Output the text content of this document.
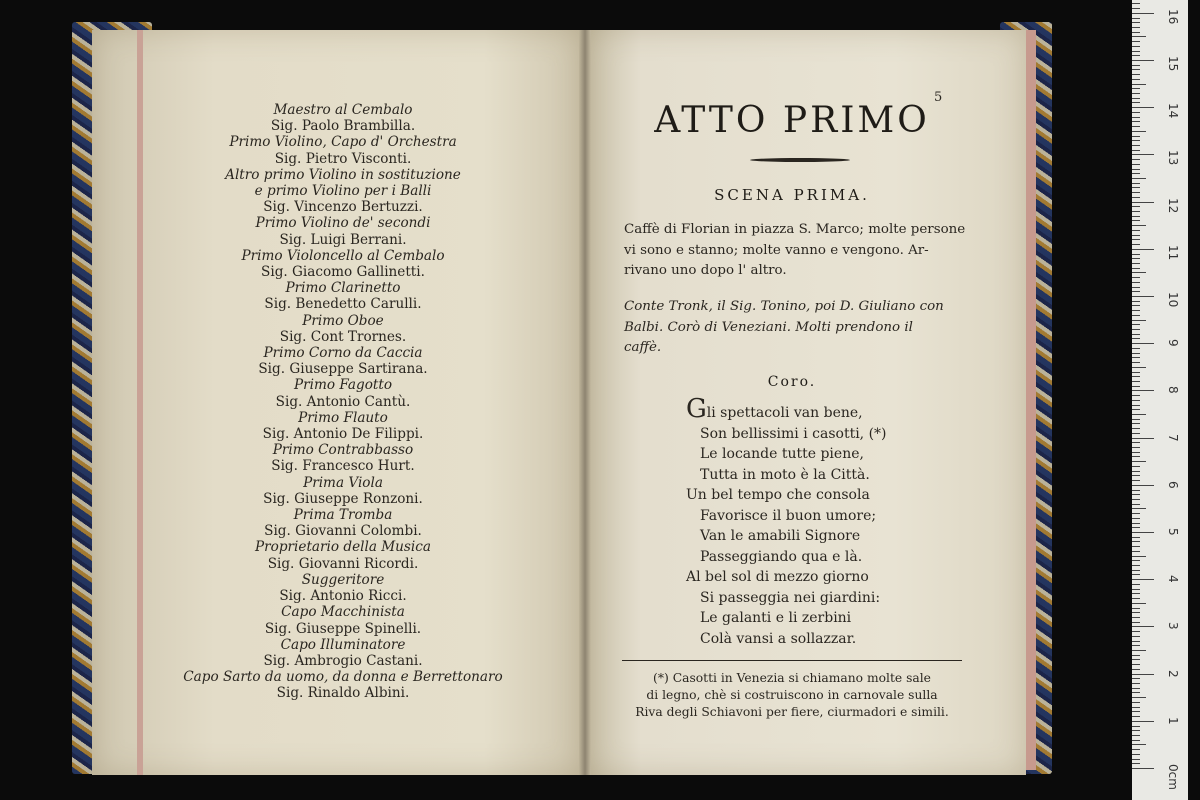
Maestro al Cembalo
Sig. Paolo Brambilla.
Primo Violino, Capo d' Orchestra
Sig. Pietro Visconti.
Altro primo Violino in sostituzione
e primo Violino per i Balli
Sig. Vincenzo Bertuzzi.
Primo Violino de' secondi
Sig. Luigi Berrani.
Primo Violoncello al Cembalo
Sig. Giacomo Gallinetti.
Primo Clarinetto
Sig. Benedetto Carulli.
Primo Oboe
Sig. Cont Trornes.
Primo Corno da Caccia
Sig. Giuseppe Sartirana.
Primo Fagotto
Sig. Antonio Cantù.
Primo Flauto
Sig. Antonio De Filippi.
Primo Contrabbasso
Sig. Francesco Hurt.
Prima Viola
Sig. Giuseppe Ronzoni.
Prima Tromba
Sig. Giovanni Colombi.
Proprietario della Musica
Sig. Giovanni Ricordi.
Suggeritore
Sig. Antonio Ricci.
Capo Macchinista
Sig. Giuseppe Spinelli.
Capo Illuminatore
Sig. Ambrogio Castani.
Capo Sarto da uomo, da donna e Berrettonaro
Sig. Rinaldo Albini.
5
ATTO PRIMO
SCENA PRIMA.
Caffè di Florian in piazza S. Marco; molte persone
vi sono e stanno; molte vanno e vengono. Ar-
rivano uno dopo l' altro.
Conte Tronk, il Sig. Tonino, poi D. Giuliano con
Balbi. Corò di Veneziani. Molti prendono il
caffè.
Coro.
Gli spettacoli van bene,
Son bellissimi i casotti, (*)
Le locande tutte piene,
Tutta in moto è la Città.
Un bel tempo che consola
Favorisce il buon umore;
Van le amabili Signore
Passeggiando qua e là.
Al bel sol di mezzo giorno
Si passeggia nei giardini:
Le galanti e li zerbini
Colà vansi a sollazzar.
(*) Casotti in Venezia si chiamano molte sale
di legno, chè si costruiscono in carnovale sulla
Riva degli Schiavoni per fiere, ciurmadori e simili.
0cm
1
2
3
4
5
6
7
8
9
10
11
12
13
14
15
16
